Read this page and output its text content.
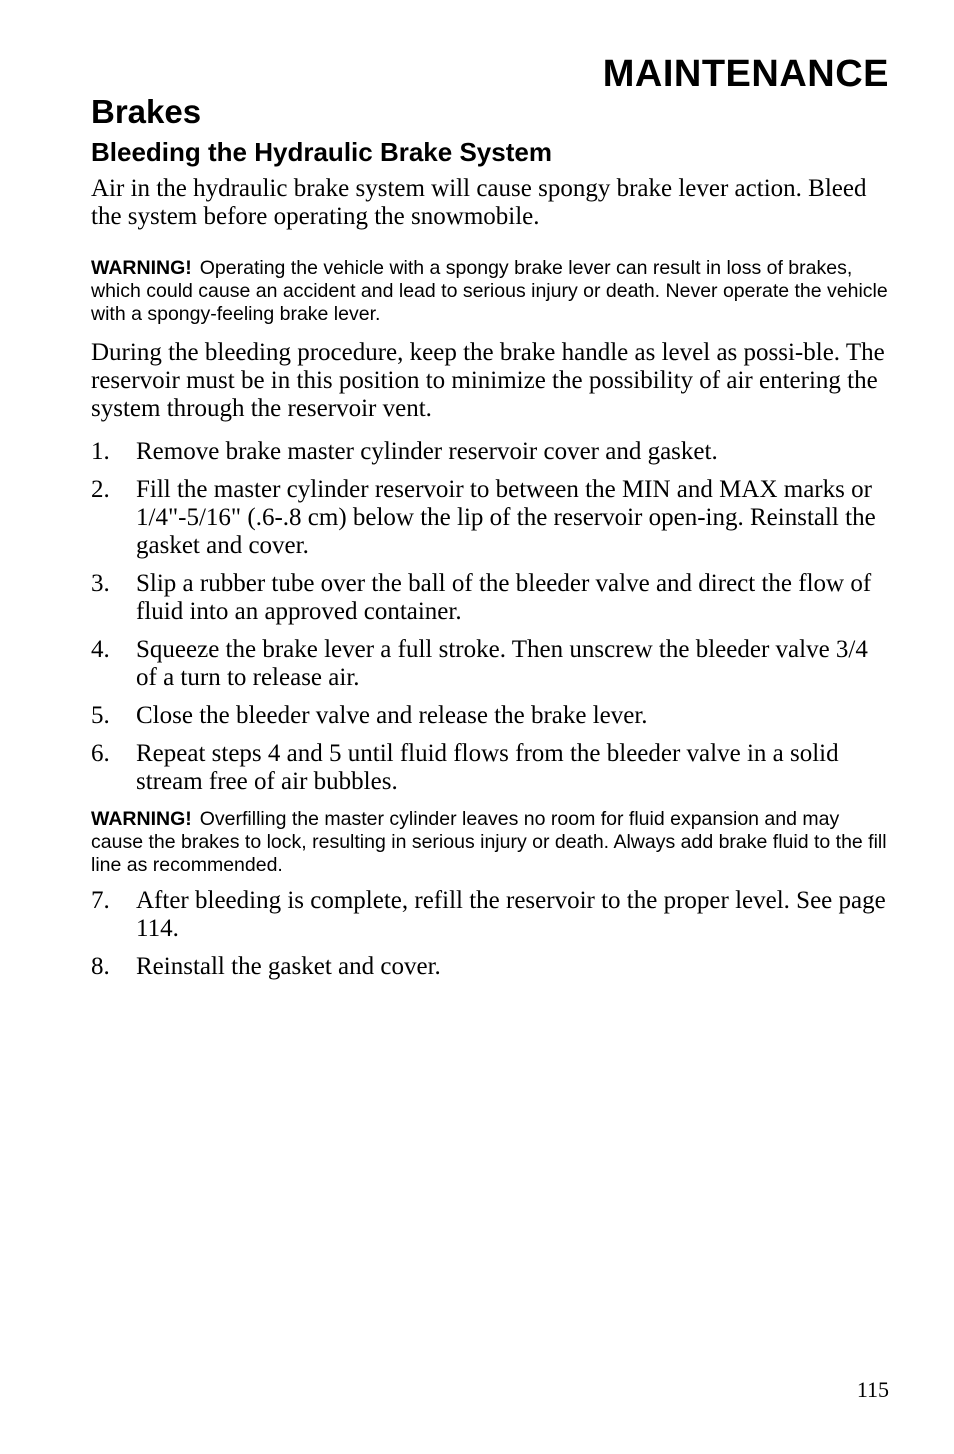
MAINTENANCE
Brakes
Bleeding the Hydraulic Brake System

Air in the hydraulic brake system will cause spongy brake lever action. Bleed the system before operating the snowmobile.

WARNING! Operating the vehicle with a spongy brake lever can result in loss of brakes, which could cause an accident and lead to serious injury or death. Never operate the vehicle with a spongy-feeling brake lever.

During the bleeding procedure, keep the brake handle as level as possi-ble. The reservoir must be in this position to minimize the possibility of air entering the system through the reservoir vent.

1.	Remove brake master cylinder reservoir cover and gasket.
2.	Fill the master cylinder reservoir to between the MIN and MAX marks or 1/4"-5/16" (.6-.8 cm) below the lip of the reservoir open-ing. Reinstall the gasket and cover.
3.	Slip a rubber tube over the ball of the bleeder valve and direct the flow of fluid into an approved container.
4.	Squeeze the brake lever a full stroke. Then unscrew the bleeder valve 3/4 of a turn to release air.
5.	Close the bleeder valve and release the brake lever.
6.	Repeat steps 4 and 5 until fluid flows from the bleeder valve in a solid stream free of air bubbles.

WARNING! Overfilling the master cylinder leaves no room for fluid expansion and may cause the brakes to lock, resulting in serious injury or death. Always add brake fluid to the fill line as recommended.

7.	After bleeding is complete, refill the reservoir to the proper level. See page 114.
8.	Reinstall the gasket and cover.
115
